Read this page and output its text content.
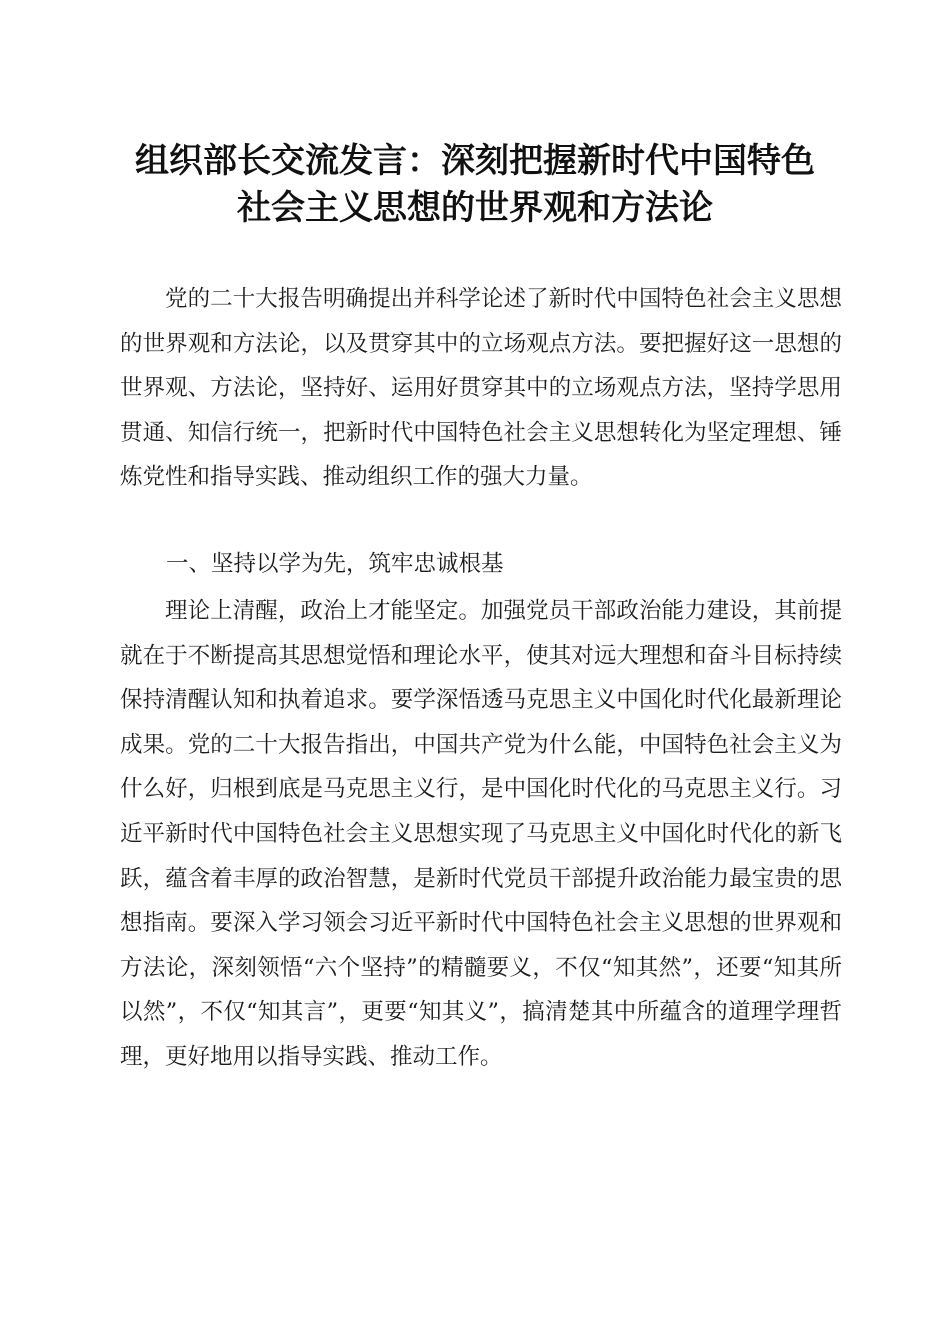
组织部长交流发言：深刻把握新时代中国特色
社会主义思想的世界观和方法论

党的二十大报告明确提出并科学论述了新时代中国特色社会主义思想的世界观和方法论，以及贯穿其中的立场观点方法。要把握好这一思想的世界观、方法论，坚持好、运用好贯穿其中的立场观点方法，坚持学思用贯通、知信行统一，把新时代中国特色社会主义思想转化为坚定理想、锤炼党性和指导实践、推动组织工作的强大力量。

一、坚持以学为先，筑牢忠诚根基

理论上清醒，政治上才能坚定。加强党员干部政治能力建设，其前提就在于不断提高其思想觉悟和理论水平，使其对远大理想和奋斗目标持续保持清醒认知和执着追求。要学深悟透马克思主义中国化时代化最新理论成果。党的二十大报告指出，中国共产党为什么能，中国特色社会主义为什么好，归根到底是马克思主义行，是中国化时代化的马克思主义行。习近平新时代中国特色社会主义思想实现了马克思主义中国化时代化的新飞跃，蕴含着丰厚的政治智慧，是新时代党员干部提升政治能力最宝贵的思想指南。要深入学习领会习近平新时代中国特色社会主义思想的世界观和方法论，深刻领悟“六个坚持”的精髓要义，不仅“知其然”，还要“知其所以然”，不仅“知其言”，更要“知其义”，搞清楚其中所蕴含的道理学理哲理，更好地用以指导实践、推动工作。
